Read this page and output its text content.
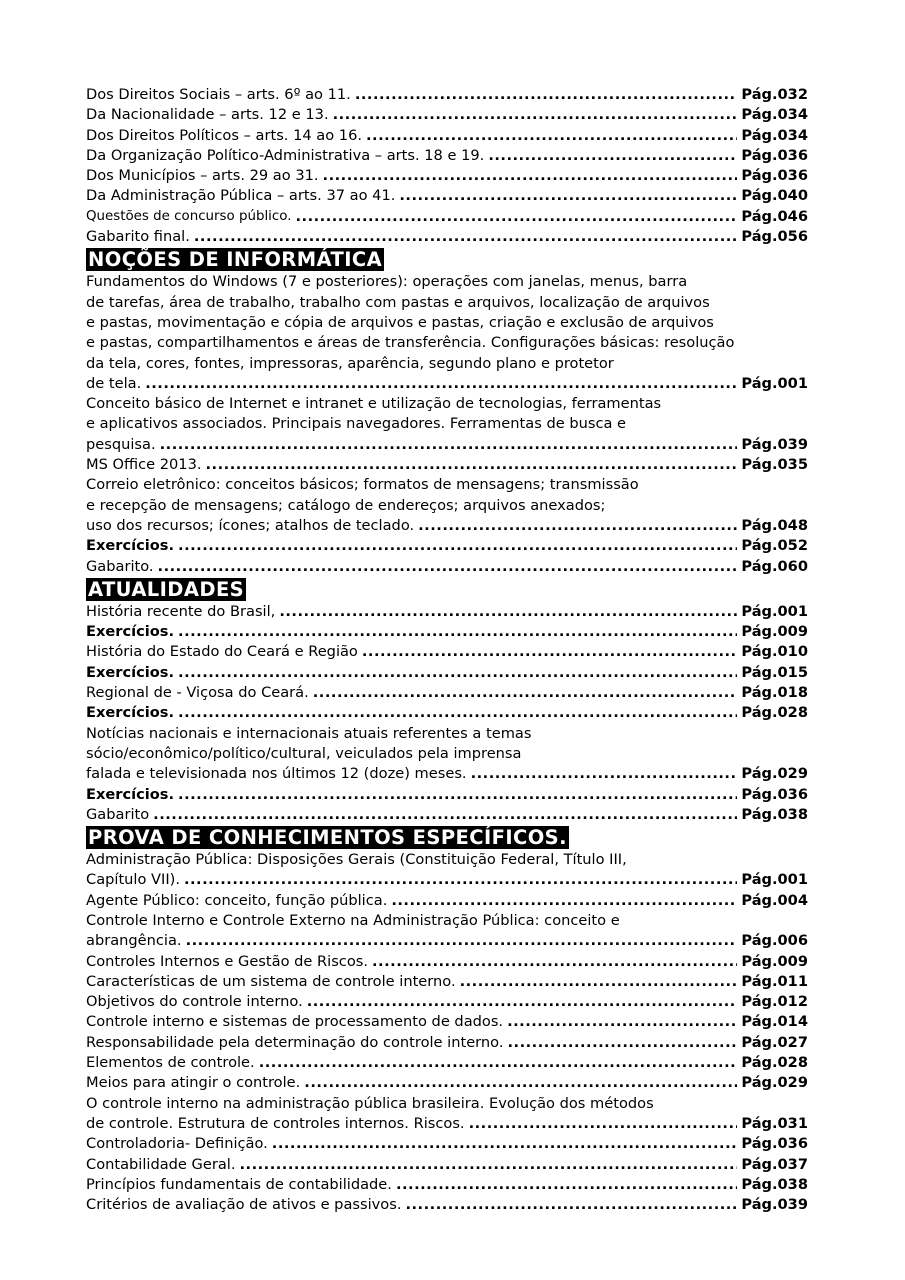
Dos Direitos Sociais – arts. 6º ao 11. .....	Pág.032
Da Nacionalidade – arts. 12 e 13. .....	Pág.034
Dos Direitos Políticos – arts. 14 ao 16. .....	Pág.034
Da Organização Político-Administrativa – arts. 18 e 19. .....	Pág.036
Dos Municípios – arts. 29 ao 31. .....	Pág.036
Da Administração Pública – arts. 37 ao 41. .....	Pág.040
Questões de concurso público. .....	Pág.046
Gabarito final. .....	Pág.056
NOÇÕES DE INFORMÁTICA
Fundamentos do Windows (7 e posteriores): operações com janelas, menus, barra
de tarefas, área de trabalho, trabalho com pastas e arquivos, localização de arquivos
e pastas, movimentação e cópia de arquivos e pastas, criação e exclusão de arquivos
e pastas, compartilhamentos e áreas de transferência. Configurações básicas: resolução
da tela, cores, fontes, impressoras, aparência, segundo plano e protetor
de tela. .....	Pág.001
Conceito básico de Internet e intranet e utilização de tecnologias, ferramentas
e aplicativos associados. Principais navegadores. Ferramentas de busca e
pesquisa. .....	Pág.039
MS Office 2013. .....	Pág.035
Correio eletrônico: conceitos básicos; formatos de mensagens; transmissão
e recepção de mensagens; catálogo de endereços; arquivos anexados;
uso dos recursos; ícones; atalhos de teclado. .....	Pág.048
Exercícios. .....	Pág.052
Gabarito. .....	Pág.060
ATUALIDADES
História recente do Brasil, .....	Pág.001
Exercícios. .....	Pág.009
História do Estado do Ceará e Região .....	Pág.010
Exercícios. .....	Pág.015
Regional de - Viçosa do Ceará. .....	Pág.018
Exercícios. .....	Pág.028
Notícias nacionais e internacionais atuais referentes a temas
sócio/econômico/político/cultural, veiculados pela imprensa
falada e televisionada nos últimos 12 (doze) meses. .....	Pág.029
Exercícios. .....	Pág.036
Gabarito .....	Pág.038
PROVA DE CONHECIMENTOS ESPECÍFICOS.
Administração Pública: Disposições Gerais (Constituição Federal, Título III,
Capítulo VII). .....	Pág.001
Agente Público: conceito, função pública. .....	Pág.004
Controle Interno e Controle Externo na Administração Pública: conceito e
abrangência. .....	Pág.006
Controles Internos e Gestão de Riscos. .....	Pág.009
Características de um sistema de controle interno. .....	Pág.011
Objetivos do controle interno. .....	Pág.012
Controle interno e sistemas de processamento de dados. .....	Pág.014
Responsabilidade pela determinação do controle interno. .....	Pág.027
Elementos de controle. .....	Pág.028
Meios para atingir o controle. .....	Pág.029
O controle interno na administração pública brasileira. Evolução dos métodos
de controle. Estrutura de controles internos. Riscos. .....	Pág.031
Controladoria- Definição. .....	Pág.036
Contabilidade Geral. .....	Pág.037
Princípios fundamentais de contabilidade. .....	Pág.038
Critérios de avaliação de ativos e passivos. .....	Pág.039
